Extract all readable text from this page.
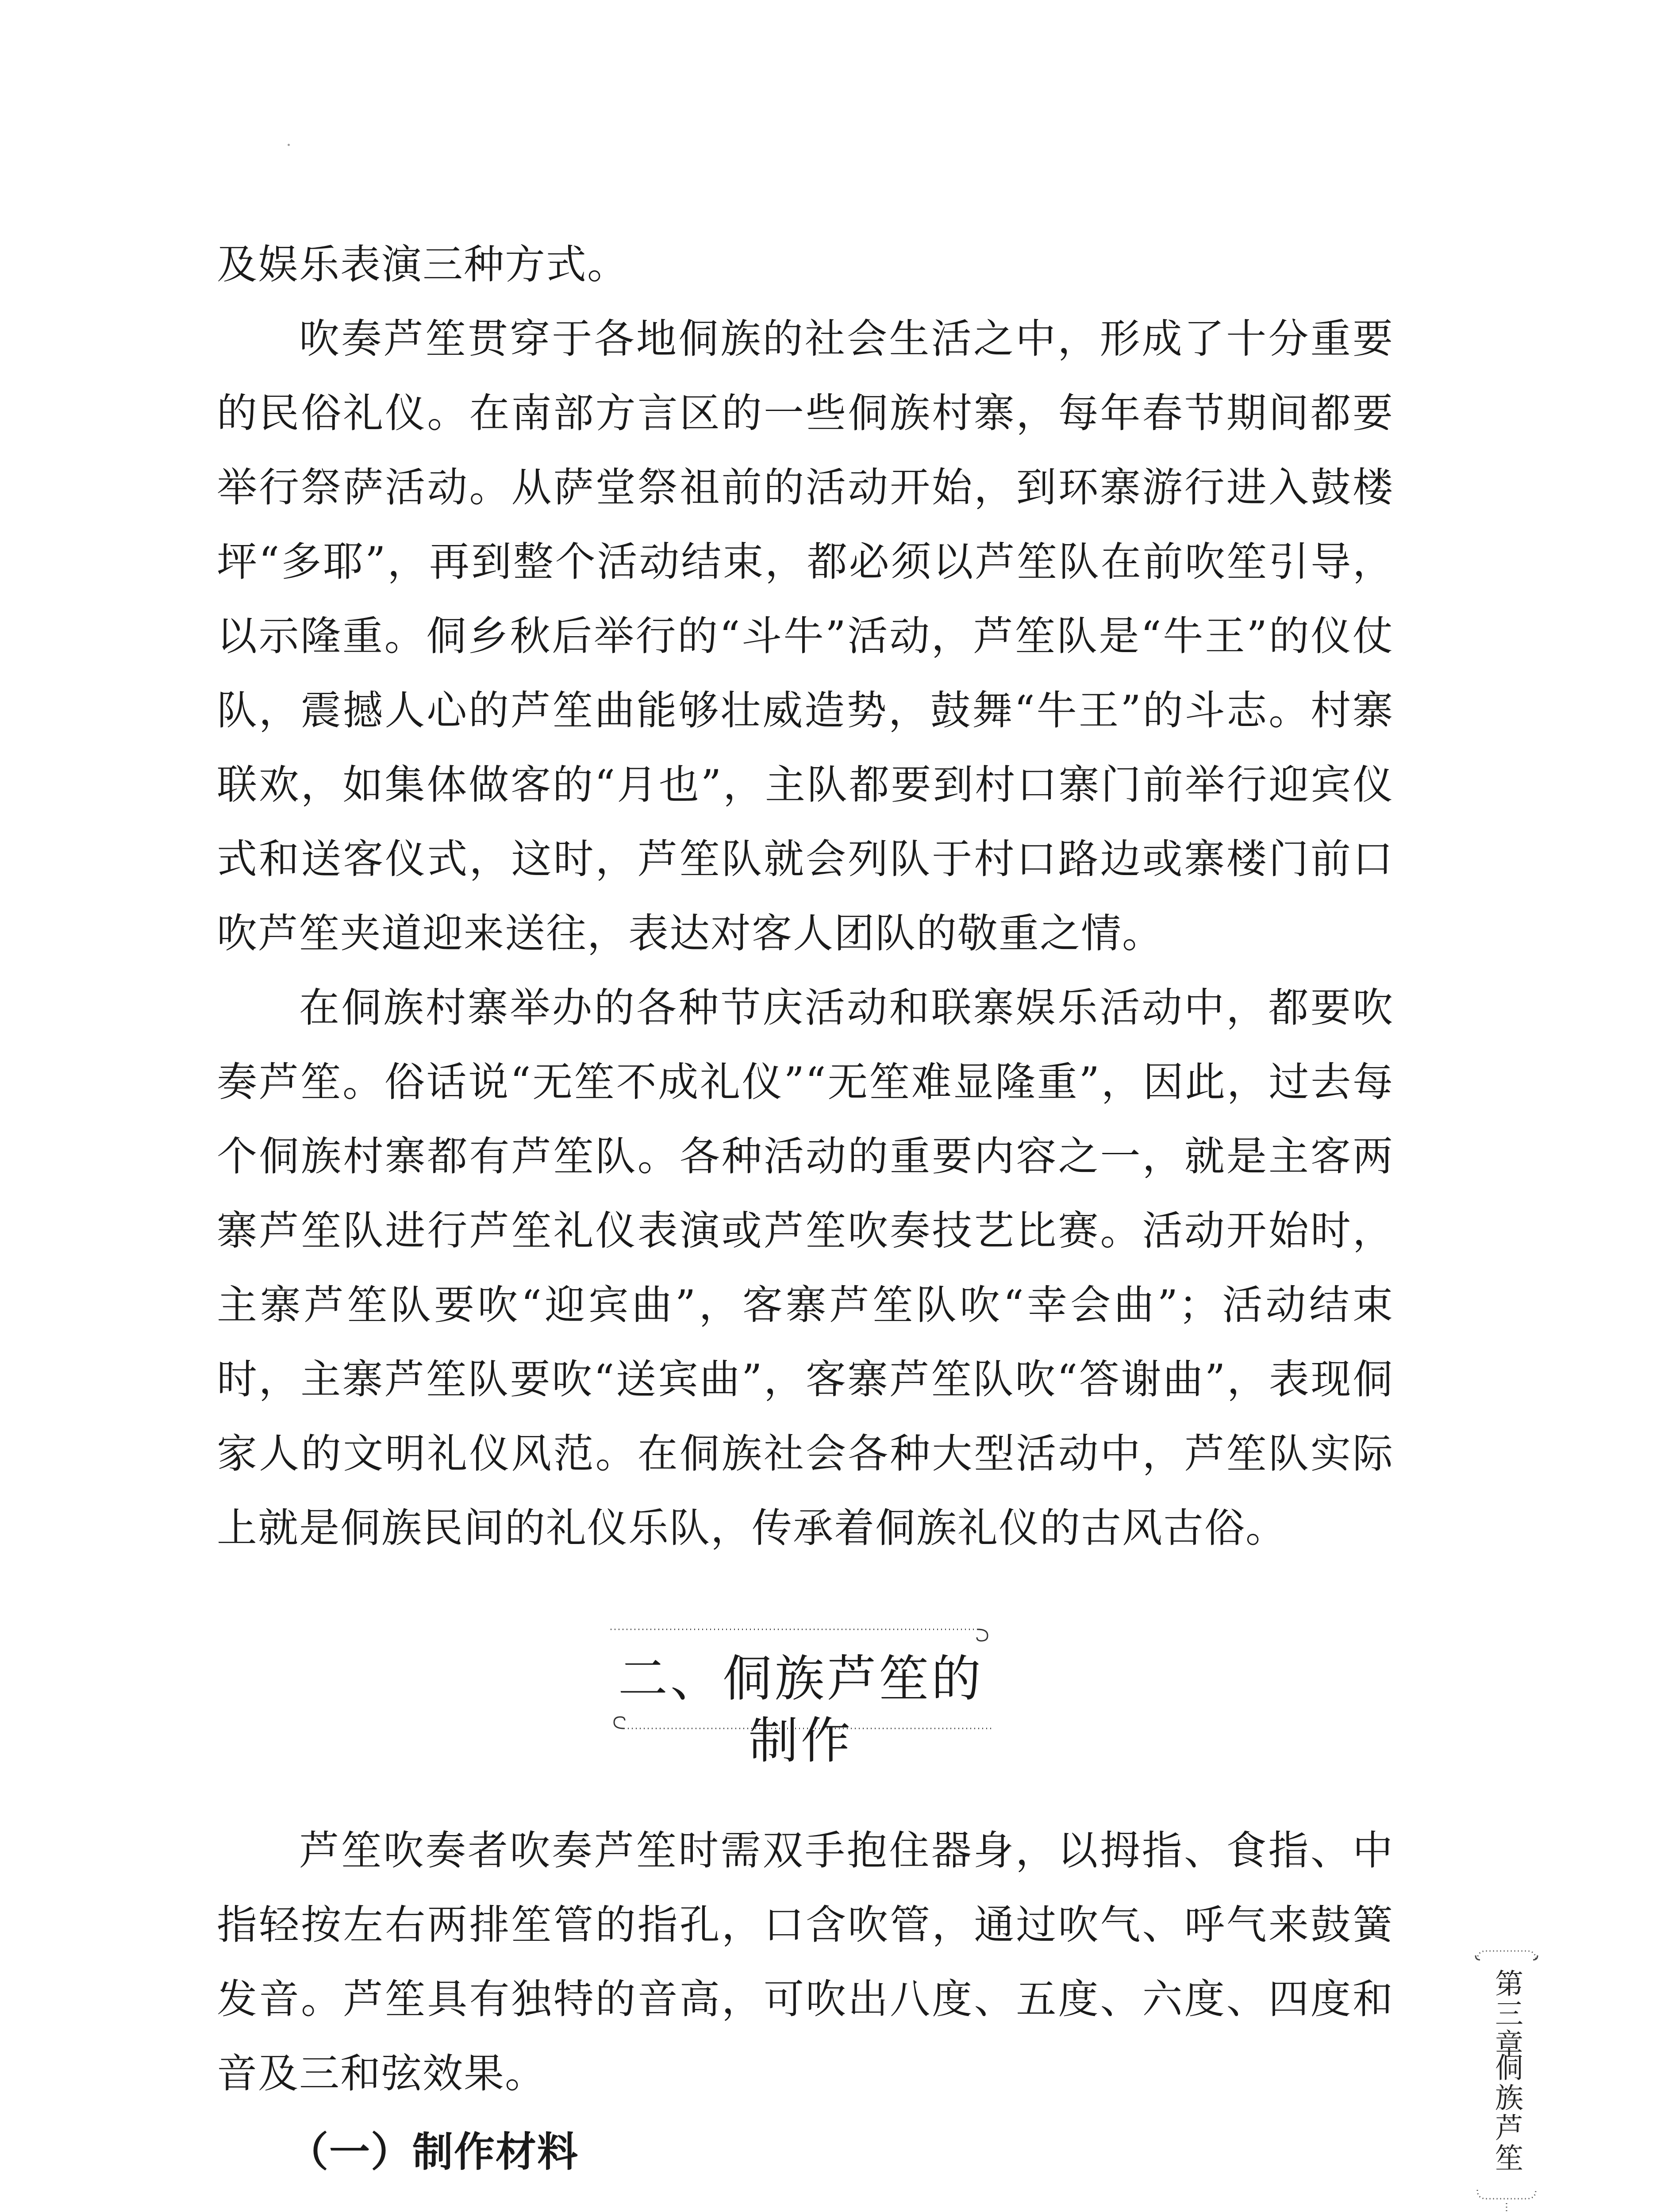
及娱乐表演三种方式。

吹奏芦笙贯穿于各地侗族的社会生活之中，形成了十分重要的民俗礼仪。在南部方言区的一些侗族村寨，每年春节期间都要举行祭萨活动。从萨堂祭祖前的活动开始，到环寨游行进入鼓楼坪“多耶”，再到整个活动结束，都必须以芦笙队在前吹笙引导，以示隆重。侗乡秋后举行的“斗牛”活动，芦笙队是“牛王”的仪仗队，震撼人心的芦笙曲能够壮威造势，鼓舞“牛王”的斗志。村寨联欢，如集体做客的“月也”，主队都要到村口寨门前举行迎宾仪式和送客仪式，这时，芦笙队就会列队于村口路边或寨楼门前口吹芦笙夹道迎来送往，表达对客人团队的敬重之情。

在侗族村寨举办的各种节庆活动和联寨娱乐活动中，都要吹奏芦笙。俗话说“无笙不成礼仪”“无笙难显隆重”，因此，过去每个侗族村寨都有芦笙队。各种活动的重要内容之一，就是主客两寨芦笙队进行芦笙礼仪表演或芦笙吹奏技艺比赛。活动开始时，主寨芦笙队要吹“迎宾曲”，客寨芦笙队吹“幸会曲”；活动结束时，主寨芦笙队要吹“送宾曲”，客寨芦笙队吹“答谢曲”，表现侗家人的文明礼仪风范。在侗族社会各种大型活动中，芦笙队实际上就是侗族民间的礼仪乐队，传承着侗族礼仪的古风古俗。

二、侗族芦笙的制作

芦笙吹奏者吹奏芦笙时需双手抱住器身，以拇指、食指、中指轻按左右两排笙管的指孔，口含吹管，通过吹气、呼气来鼓簧发音。芦笙具有独特的音高，可吹出八度、五度、六度、四度和音及三和弦效果。

（一）制作材料

第三章
侗族芦笙
